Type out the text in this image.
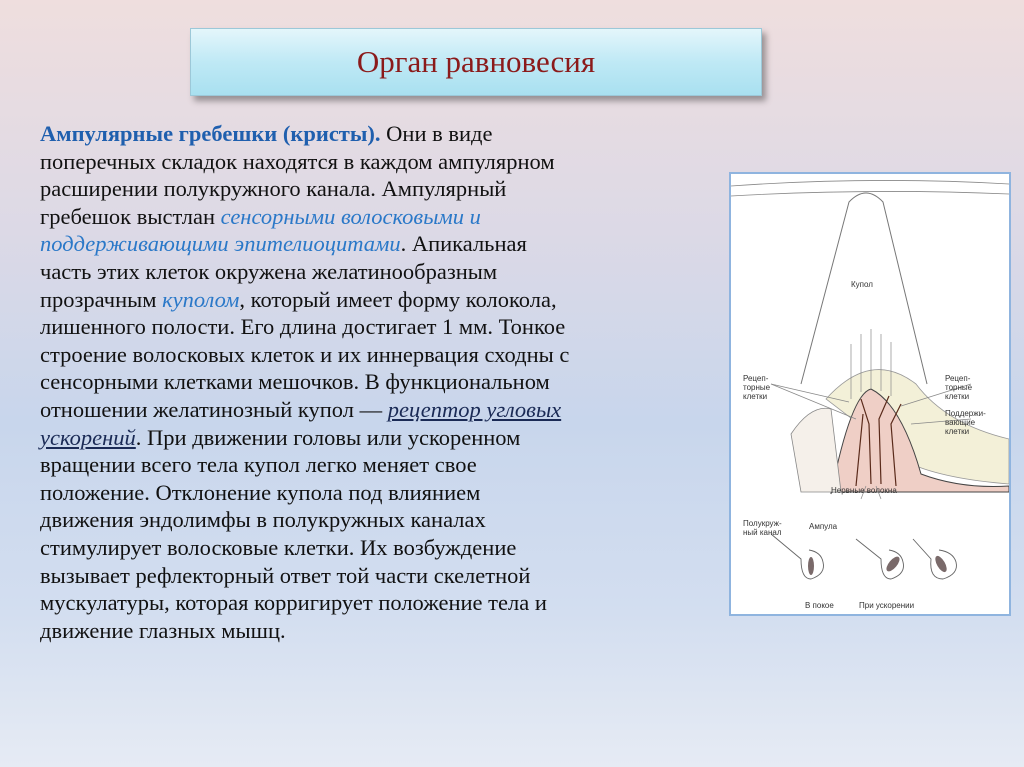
Орган равновесия
Ампулярные гребешки (кристы). Они в виде
поперечных складок находятся в каждом ампулярном
расширении полукружного канала. Ампулярный
гребешок выстлан сенсорными волосковыми и
поддерживающими эпителиоцитами. Апикальная
часть этих клеток окружена желатинообразным
прозрачным куполом, который имеет форму колокола,
лишенного полости. Его длина достигает 1 мм. Тонкое
строение волосковых клеток и их иннервация сходны с
сенсорными клетками мешочков. В функциональном
отношении желатинозный купол — рецептор угловых
ускорений. При движении головы или ускоренном
вращении всего тела купол легко меняет свое
положение. Отклонение купола под влиянием
движения эндолимфы в полукружных каналах
стимулирует волосковые клетки. Их возбуждение
вызывает рефлекторный ответ той части скелетной
мускулатуры, которая корригирует положение тела и
движение глазных мышц.
Купол
Рецеп-
торные
клетки
Рецеп-
торные
клетки
Поддержи-
вающие
клетки
Нервные волокна
Полукруж-
ный канал
Ампула
В покое	При ускорении
